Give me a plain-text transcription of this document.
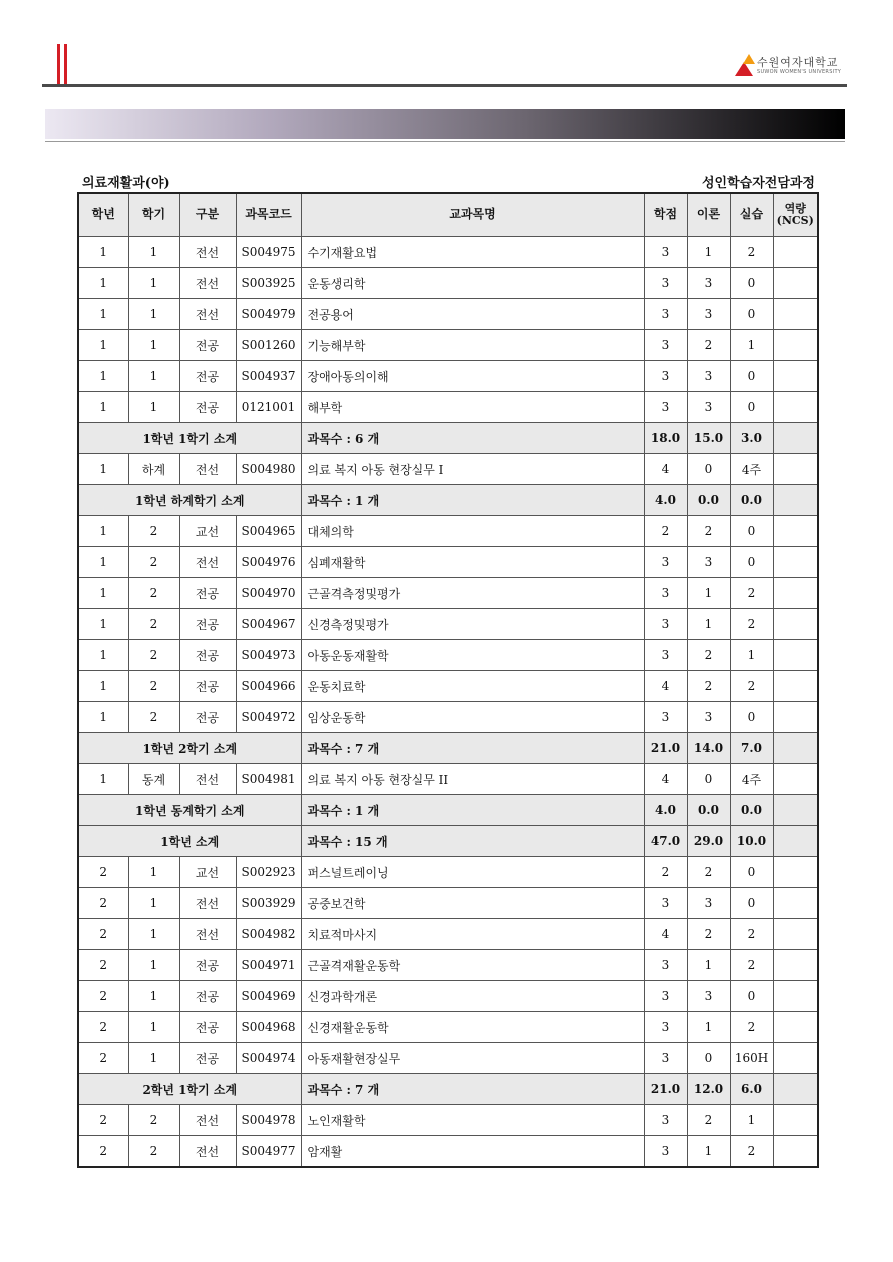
수원여자대학교
SUWON WOMEN'S UNIVERSITY
의료재활과(야)	성인학습자전담과정
학년	학기	구분	과목코드	교과목명	학점	이론	실습	역량 (NCS)
1	1	전선	S004975	수기재활요법	3	1	2	
1	1	전선	S003925	운동생리학	3	3	0	
1	1	전선	S004979	전공용어	3	3	0	
1	1	전공	S001260	기능해부학	3	2	1	
1	1	전공	S004937	장애아동의이해	3	3	0	
1	1	전공	0121001	해부학	3	3	0	
1학년 1학기 소계				과목수 : 6 개	18.0	15.0	3.0	
1	하계	전선	S004980	의료 복지 아동 현장실무 I	4	0	4주	
1학년 하계학기 소계				과목수 : 1 개	4.0	0.0	0.0	
1	2	교선	S004965	대체의학	2	2	0	
1	2	전선	S004976	심폐재활학	3	3	0	
1	2	전공	S004970	근골격측정및평가	3	1	2	
1	2	전공	S004967	신경측정및평가	3	1	2	
1	2	전공	S004973	아동운동재활학	3	2	1	
1	2	전공	S004966	운동치료학	4	2	2	
1	2	전공	S004972	임상운동학	3	3	0	
1학년 2학기 소계				과목수 : 7 개	21.0	14.0	7.0	
1	동계	전선	S004981	의료 복지 아동 현장실무 II	4	0	4주	
1학년 동계학기 소계				과목수 : 1 개	4.0	0.0	0.0	
1학년 소계				과목수 : 15 개	47.0	29.0	10.0	
2	1	교선	S002923	퍼스널트레이닝	2	2	0	
2	1	전선	S003929	공중보건학	3	3	0	
2	1	전선	S004982	치료적마사지	4	2	2	
2	1	전공	S004971	근골격재활운동학	3	1	2	
2	1	전공	S004969	신경과학개론	3	3	0	
2	1	전공	S004968	신경재활운동학	3	1	2	
2	1	전공	S004974	아동재활현장실무	3	0	160H	
2학년 1학기 소계				과목수 : 7 개	21.0	12.0	6.0	
2	2	전선	S004978	노인재활학	3	2	1	
2	2	전선	S004977	암재활	3	1	2	
